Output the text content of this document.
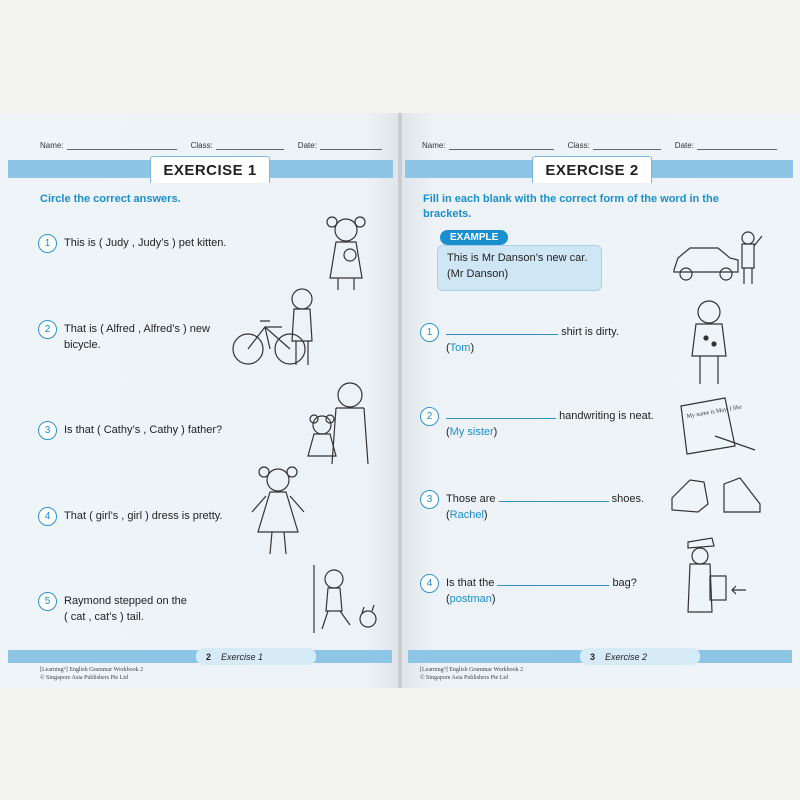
Name:	Class:	Date:	Name:	Class:	Date:
EXERCISE 1	EXERCISE 2
Circle the correct answers.
1	This is ( Judy , Judy’s ) pet kitten.
2	That is ( Alfred , Alfred’s ) new
bicycle.
3	Is that ( Cathy’s , Cathy ) father?
4	That ( girl’s , girl ) dress is pretty.
5	Raymond stepped on the
( cat , cat’s ) tail.
Fill in each blank with the correct form of the word in the
brackets.
EXAMPLE
This is Mr Danson’s new car.
(Mr Danson)
1	shirt is dirty.
(Tom)
2	handwriting is neat.
(My sister)
3	Those are	shoes.
(Rachel)
4	Is that the	bag?
(postman)
My name is May. I like
2 Exercise 1
[Learning⁹] English Grammar Workbook 2
© Singapore Asia Publishers Pte Ltd
3 Exercise 2
[Learning⁹] English Grammar Workbook 2
© Singapore Asia Publishers Pte Ltd
